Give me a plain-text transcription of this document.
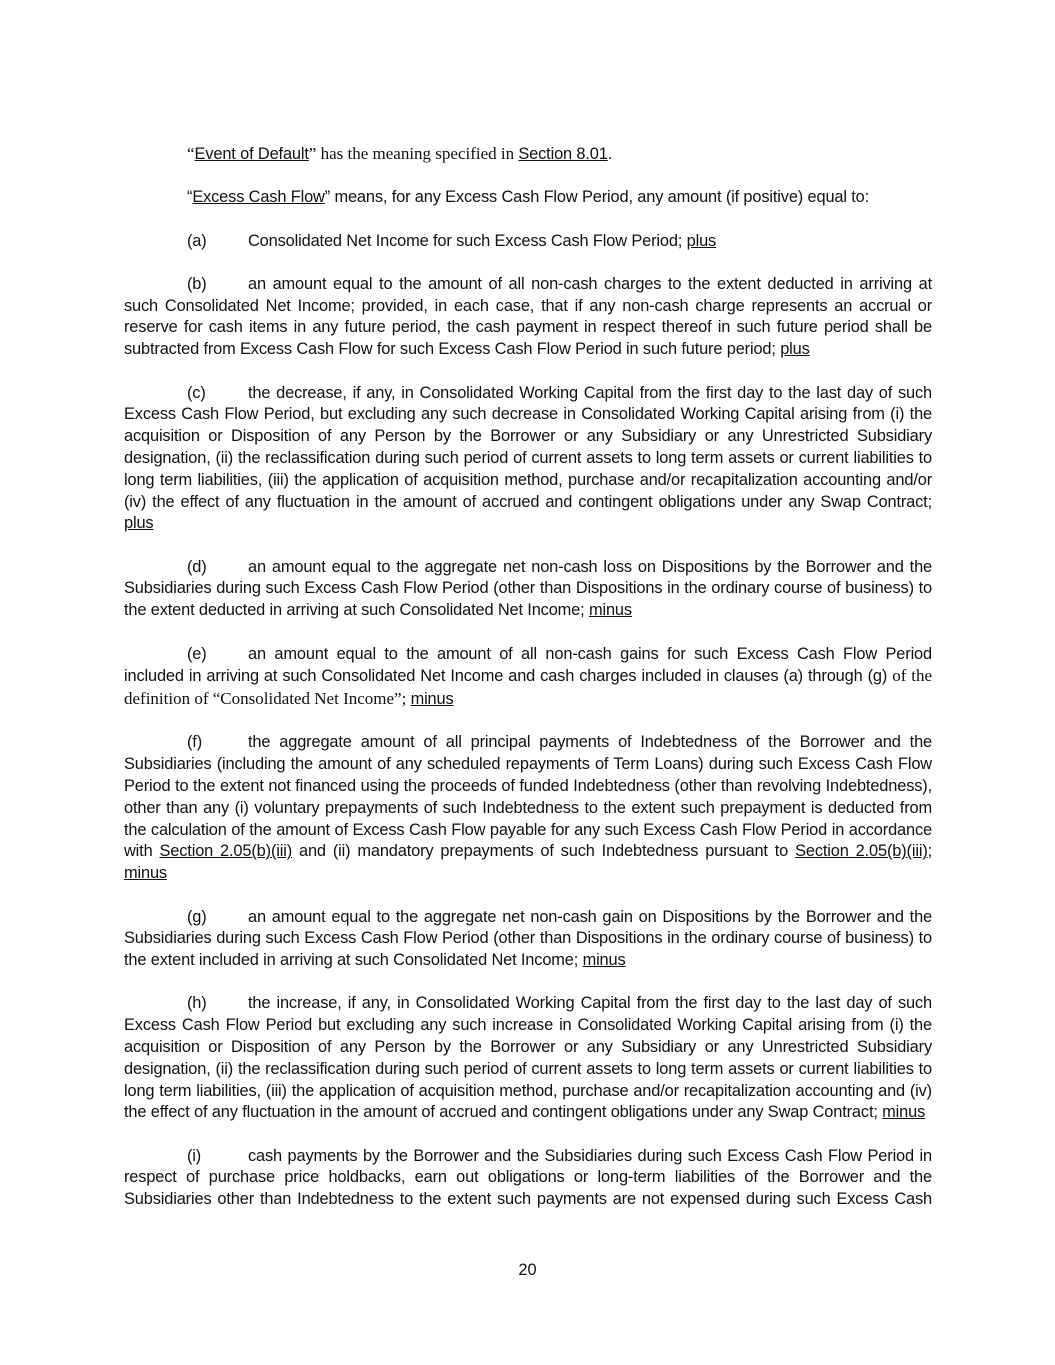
“Event of Default” has the meaning specified in Section 8.01.

“Excess Cash Flow” means, for any Excess Cash Flow Period, any amount (if positive) equal to:

(a)	Consolidated Net Income for such Excess Cash Flow Period; plus

(b)	an amount equal to the amount of all non-cash charges to the extent deducted in arriving at such Consolidated Net Income; provided, in each case, that if any non-cash charge represents an accrual or reserve for cash items in any future period, the cash payment in respect thereof in such future period shall be subtracted from Excess Cash Flow for such Excess Cash Flow Period in such future period; plus

(c)	the decrease, if any, in Consolidated Working Capital from the first day to the last day of such Excess Cash Flow Period, but excluding any such decrease in Consolidated Working Capital arising from (i) the acquisition or Disposition of any Person by the Borrower or any Subsidiary or any Unrestricted Subsidiary designation, (ii) the reclassification during such period of current assets to long term assets or current liabilities to long term liabilities, (iii) the application of acquisition method, purchase and/or recapitalization accounting and/or (iv) the effect of any fluctuation in the amount of accrued and contingent obligations under any Swap Contract; plus

(d)	an amount equal to the aggregate net non-cash loss on Dispositions by the Borrower and the Subsidiaries during such Excess Cash Flow Period (other than Dispositions in the ordinary course of business) to the extent deducted in arriving at such Consolidated Net Income; minus

(e)	an amount equal to the amount of all non-cash gains for such Excess Cash Flow Period included in arriving at such Consolidated Net Income and cash charges included in clauses (a) through (g) of the definition of “Consolidated Net Income”; minus

(f)	the aggregate amount of all principal payments of Indebtedness of the Borrower and the Subsidiaries (including the amount of any scheduled repayments of Term Loans) during such Excess Cash Flow Period to the extent not financed using the proceeds of funded Indebtedness (other than revolving Indebtedness), other than any (i) voluntary prepayments of such Indebtedness to the extent such prepayment is deducted from the calculation of the amount of Excess Cash Flow payable for any such Excess Cash Flow Period in accordance with Section 2.05(b)(iii) and (ii) mandatory prepayments of such Indebtedness pursuant to Section 2.05(b)(iii); minus

(g)	an amount equal to the aggregate net non-cash gain on Dispositions by the Borrower and the Subsidiaries during such Excess Cash Flow Period (other than Dispositions in the ordinary course of business) to the extent included in arriving at such Consolidated Net Income; minus

(h)	the increase, if any, in Consolidated Working Capital from the first day to the last day of such Excess Cash Flow Period but excluding any such increase in Consolidated Working Capital arising from (i) the acquisition or Disposition of any Person by the Borrower or any Subsidiary or any Unrestricted Subsidiary designation, (ii) the reclassification during such period of current assets to long term assets or current liabilities to long term liabilities, (iii) the application of acquisition method, purchase and/or recapitalization accounting and (iv) the effect of any fluctuation in the amount of accrued and contingent obligations under any Swap Contract; minus

(i)	cash payments by the Borrower and the Subsidiaries during such Excess Cash Flow Period in respect of purchase price holdbacks, earn out obligations or long-term liabilities of the Borrower and the Subsidiaries other than Indebtedness to the extent such payments are not expensed during such Excess Cash

20
